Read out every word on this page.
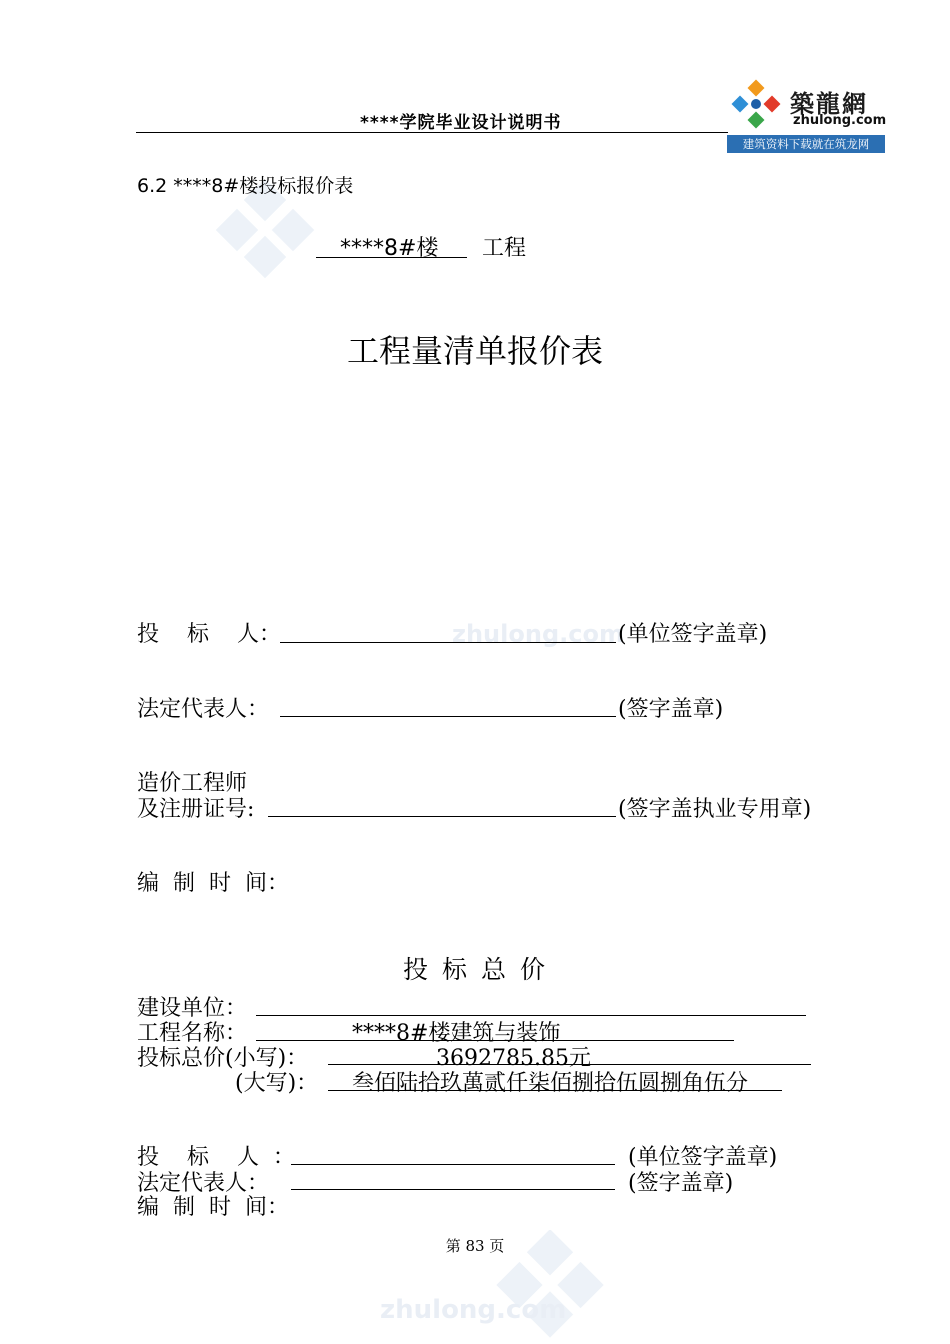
****学院毕业设计说明书
築龍網
zhulong.com
建筑资料下载就在筑龙网
zhulong.com
zhulong.com
6.2 ****8#楼投标报价表
****8#楼 工程
工程量清单报价表
投    标    人：	(单位签字盖章)
法定代表人：	(签字盖章)
造价工程师
及注册证号:	(签字盖执业专用章)
编  制  时  间：
投标总价
建设单位：
工程名称：	****8#楼建筑与装饰
投标总价(小写)：	3692785.85元
(大写)： 叁佰陆拾玖萬贰仟柒佰捌拾伍圆捌角伍分
投    标    人  ：	(单位签字盖章)
法定代表人：	(签字盖章)
编  制  时  间：
第 83 页
